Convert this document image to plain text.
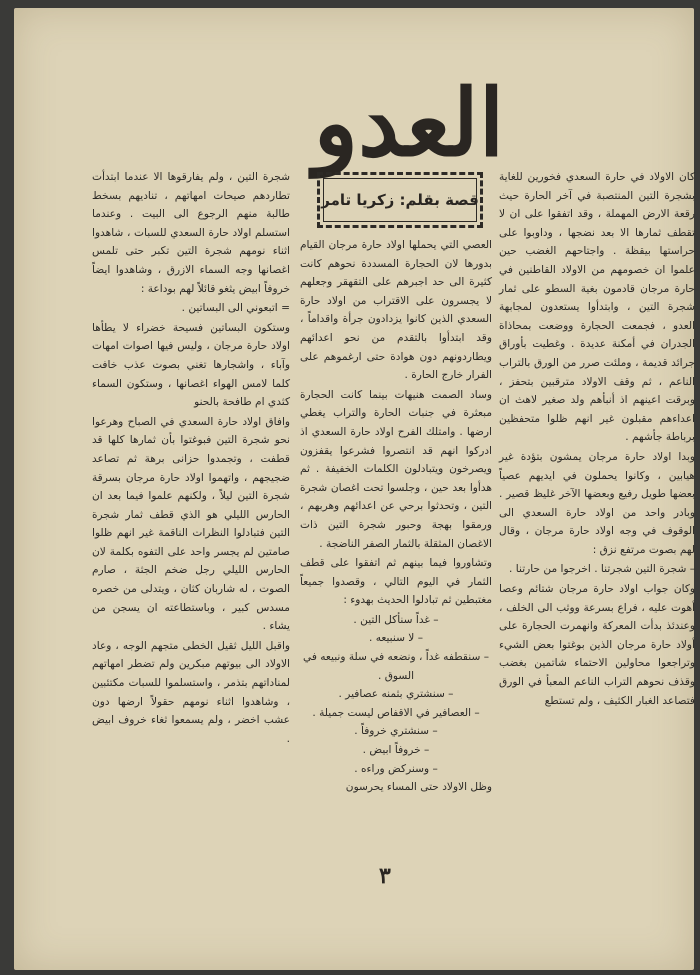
العدو
قصة بقلم: زكريا تامر

كان الاولاد في حارة السعدي فخورين للغاية بشجرة التين المنتصبة في آخر الحارة حيث رقعة الارض المهملة ، وقد اتفقوا على ان لا تقطف ثمارها الا بعد نضجها ، وداوبوا على حراستها بيقظة . واجتاحهم الغضب حين علموا ان خصومهم من الاولاد القاطنين في حارة مرجان قادمون بغية السطو على ثمار شجرة التين ، وابتدأوا يستعدون لمجابهة العدو ، فجمعت الحجارة ووضعت بمحاذاة الجدران في أمكنة عديدة . وغطيت بأوراق جرائد قديمة ، وملئت صرر من الورق بالتراب الناعم ، ثم وقف الاولاد مترقبين بتحفز ، وبرقت اعينهم اذ أنبأهم ولد صغير لاهث ان اعداءهم مقبلون غير انهم ظلوا متحفظين برباطة جأشهم .

وبدا اولاد حارة مرجان يمشون بتؤدة غير هيابين ، وكانوا يحملون في ايديهم عصياً بعضها طويل رفيع وبعضها الآخر غليظ قصير . وبادر واحد من اولاد حارة السعدي الى الوقوف في وجه اولاد حارة مرجان ، وقال لهم بصوت مرتفع نزق :

– شجرة التين شجرتنا . اخرجوا من حارتنا .

وكان جواب اولاد حارة مرجان شتائم وعصا أهوت عليه ، فراع بسرعة ووثب الى الخلف ، وعندئذ بدأت المعركة وانهمرت الحجارة على أولاد حارة مرجان الذين بوغتوا بعض الشيء وتراجعوا محاولين الاحتماء شاتمين بغضب وقذف نحوهم التراب الناعم المعبأ في الورق فتصاعد الغبار الكثيف ، ولم تستطع

العصي التي يحملها اولاد حارة مرجان القيام بدورها لان الحجارة المسددة نحوهم كانت كثيرة الى حد اجبرهم على التقهقر وجعلهم لا يجسرون على الاقتراب من اولاد حارة السعدي الذين كانوا يزدادون جرأة واقداماً ، وقد ابتدأوا بالتقدم من نحو اعدائهم ويطاردونهم دون هوادة حتى ارغموهم على الفرار خارج الحارة .

وساد الصمت هنيهات بينما كانت الحجارة مبعثرة في جنبات الحارة والتراب يغطي ارضها . وامتلك الفرح اولاد حارة السعدي اذ ادركوا انهم قد انتصروا فشرعوا يقفزون ويصرخون ويتبادلون الكلمات الخفيفة . ثم هدأوا بعد حين ، وجلسوا تحت اغصان شجرة التين ، وتحدثوا برحي عن اعدائهم وهربهم ، ورمقوا بهجة وحبور شجرة التين ذات الاغصان المثقلة بالثمار الصفر الناضجة .

وتشاوروا فيما بينهم ثم اتفقوا على قطف الثمار في اليوم التالي ، وقصدوا جميعاً مغتبطين ثم تبادلوا الحديث بهدوء :

– غداً سنأكل التين .
– لا سنبيعه .
– سنقطفه غداً ، ونضعه في سلة ونبيعه في السوق .
– سنشتري بثمنه عصافير .
– العصافير في الاقفاص ليست جميلة .
– سنشتري خروفاً .
– خروفاً ابيض .
– وسنركض وراءه .

وظل الاولاد حتى المساء يحرسون

شجرة التين ، ولم يفارقوها الا عندما ابتدأت تطاردهم صيحات امهاتهم ، تناديهم بسخط طالبة منهم الرجوع الى البيت . وعندما استسلم اولاد حارة السعدي للسبات ، شاهدوا اثناء نومهم شجرة التين تكبر حتى تلمس اغصانها وجه السماء الازرق ، وشاهدوا ايضاً خروفاً ابيض يثغو قائلاً لهم بوداعة :

= اتبعوني الى البساتين .

وستكون البساتين فسيحة خضراء لا يطأها اولاد حارة مرجان ، وليس فيها اصوات امهات وآباء ، واشجارها تغني بصوت عذب خافت كلما لامس الهواء اغصانها ، وستكون السماء كثدي ام طافحة بالحنو

وافاق اولاد حارة السعدي في الصباح وهرعوا نحو شجرة التين فبوغتوا بأن ثمارها كلها قد قطفت ، وتجمدوا حزانى برهة ثم تصاعد ضجيجهم ، واتهموا اولاد حارة مرجان بسرقة شجرة التين ليلاً ، ولكنهم علموا فيما بعد ان الحارس الليلي هو الذي قطف ثمار شجرة التين فتبادلوا النظرات الناقمة غير انهم ظلوا صامتين لم يجسر واحد على التفوه بكلمة لان الحارس الليلي رجل ضخم الجثة ، صارم الصوت ، له شاربان كثان ، ويتدلى من خصره مسدس كبير ، وباستطاعته ان يسجن من يشاء .

واقبل الليل ثقيل الخطى متجهم الوجه ، وعاد الاولاد الى بيوتهم مبكرين ولم تضطر امهاتهم لمناداتهم بتذمر ، واستسلموا للسبات مكتئبين ، وشاهدوا اثناء نومهم حقولاً ارضها دون عشب اخضر ، ولم يسمعوا ثغاء خروف ابيض .

٣
